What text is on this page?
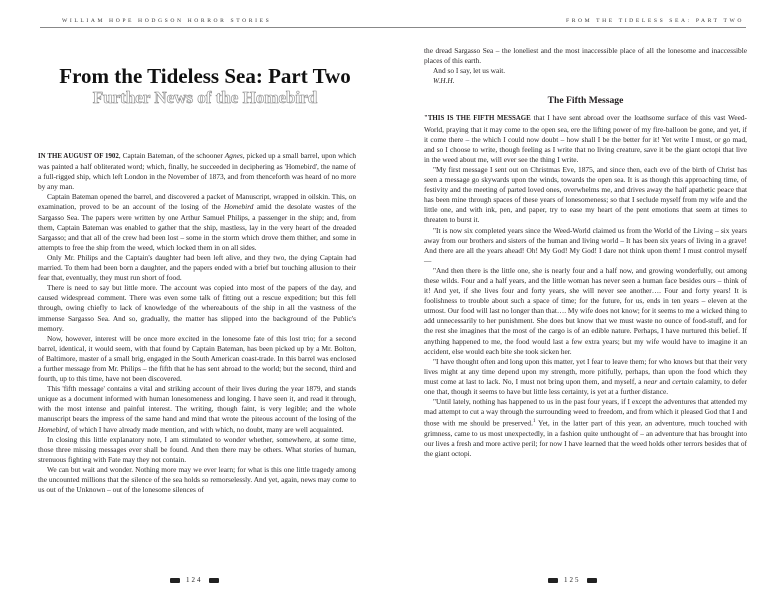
WILLIAM HOPE HODGSON HORROR STORIES
From the Tideless Sea: Part Two
Further News of the Homebird

IN THE AUGUST OF 1902, Captain Bateman, of the schooner Agnes, picked up a small barrel, upon which was painted a half obliterated word; which, finally, he succeeded in deciphering as 'Homebird', the name of a full-rigged ship, which left London in the November of 1873, and from thenceforth was heard of no more by any man.

Captain Bateman opened the barrel, and discovered a packet of Manuscript, wrapped in oilskin. This, on examination, proved to be an account of the losing of the Homebird amid the desolate wastes of the Sargasso Sea. The papers were written by one Arthur Samuel Philips, a passenger in the ship; and, from them, Captain Bateman was enabled to gather that the ship, mastless, lay in the very heart of the dreaded Sargasso; and that all of the crew had been lost – some in the storm which drove them thither, and some in attempts to free the ship from the weed, which locked them in on all sides.

Only Mr. Philips and the Captain's daughter had been left alive, and they two, the dying Captain had married. To them had been born a daughter, and the papers ended with a brief but touching allusion to their fear that, eventually, they must run short of food.

There is need to say but little more. The account was copied into most of the papers of the day, and caused widespread comment. There was even some talk of fitting out a rescue expedition; but this fell through, owing chiefly to lack of knowledge of the whereabouts of the ship in all the vastness of the immense Sargasso Sea. And so, gradually, the matter has slipped into the background of the Public's memory.

Now, however, interest will be once more excited in the lonesome fate of this lost trio; for a second barrel, identical, it would seem, with that found by Captain Bateman, has been picked up by a Mr. Bolton, of Baltimore, master of a small brig, engaged in the South American coast-trade. In this barrel was enclosed a further message from Mr. Philips – the fifth that he has sent abroad to the world; but the second, third and fourth, up to this time, have not been discovered.

This 'fifth message' contains a vital and striking account of their lives during the year 1879, and stands unique as a document informed with human lonesomeness and longing. I have seen it, and read it through, with the most intense and painful interest. The writing, though faint, is very legible; and the whole manuscript bears the impress of the same hand and mind that wrote the piteous account of the losing of the Homebird, of which I have already made mention, and with which, no doubt, many are well acquainted.

In closing this little explanatory note, I am stimulated to wonder whether, somewhere, at some time, those three missing messages ever shall be found. And then there may be others. What stories of human, strenuous fighting with Fate may they not contain.

We can but wait and wonder. Nothing more may we ever learn; for what is this one little tragedy among the uncounted millions that the silence of the sea holds so remorselessly. And yet, again, news may come to us out of the Unknown – out of the lonesome silences of

124
FROM THE TIDELESS SEA: PART TWO

the dread Sargasso Sea – the loneliest and the most inaccessible place of all the lonesome and inaccessible places of this earth.

And so I say, let us wait.

W.H.H.

The Fifth Message

"THIS IS THE FIFTH MESSAGE that I have sent abroad over the loathsome surface of this vast Weed-World, praying that it may come to the open sea, ere the lifting power of my fire-balloon be gone, and yet, if it come there – the which I could now doubt – how shall I be the better for it! Yet write I must, or go mad, and so I choose to write, though feeling as I write that no living creature, save it be the giant octopi that live in the weed about me, will ever see the thing I write.

"My first message I sent out on Christmas Eve, 1875, and since then, each eve of the birth of Christ has seen a message go skywards upon the winds, towards the open sea. It is as though this approaching time, of festivity and the meeting of parted loved ones, overwhelms me, and drives away the half apathetic peace that has been mine through spaces of these years of lonesomeness; so that I seclude myself from my wife and the little one, and with ink, pen, and paper, try to ease my heart of the pent emotions that seem at times to threaten to burst it.

"It is now six completed years since the Weed-World claimed us from the World of the Living – six years away from our brothers and sisters of the human and living world – It has been six years of living in a grave! And there are all the years ahead! Oh! My God! My God! I dare not think upon them! I must control myself—

"And then there is the little one, she is nearly four and a half now, and growing wonderfully, out among these wilds. Four and a half years, and the little woman has never seen a human face besides ours – think of it! And yet, if she lives four and forty years, she will never see another…. Four and forty years! It is foolishness to trouble about such a space of time; for the future, for us, ends in ten years – eleven at the utmost. Our food will last no longer than that…. My wife does not know; for it seems to me a wicked thing to add unnecessarily to her punishment. She does but know that we must waste no ounce of food-stuff, and for the rest she imagines that the most of the cargo is of an edible nature. Perhaps, I have nurtured this belief. If anything happened to me, the food would last a few extra years; but my wife would have to imagine it an accident, else would each bite she took sicken her.

"I have thought often and long upon this matter, yet I fear to leave them; for who knows but that their very lives might at any time depend upon my strength, more pitifully, perhaps, than upon the food which they must come at last to lack. No, I must not bring upon them, and myself, a near and certain calamity, to defer one that, though it seems to have but little less certainty, is yet at a further distance.

"Until lately, nothing has happened to us in the past four years, if I except the adventures that attended my mad attempt to cut a way through the surrounding weed to freedom, and from which it pleased God that I and those with me should be preserved.$^1$ Yet, in the latter part of this year, an adventure, much touched with grimness, came to us most unexpectedly, in a fashion quite unthought of – an adventure that has brought into our lives a fresh and more active peril; for now I have learned that the weed holds other terrors besides that of the giant octopi.

125
